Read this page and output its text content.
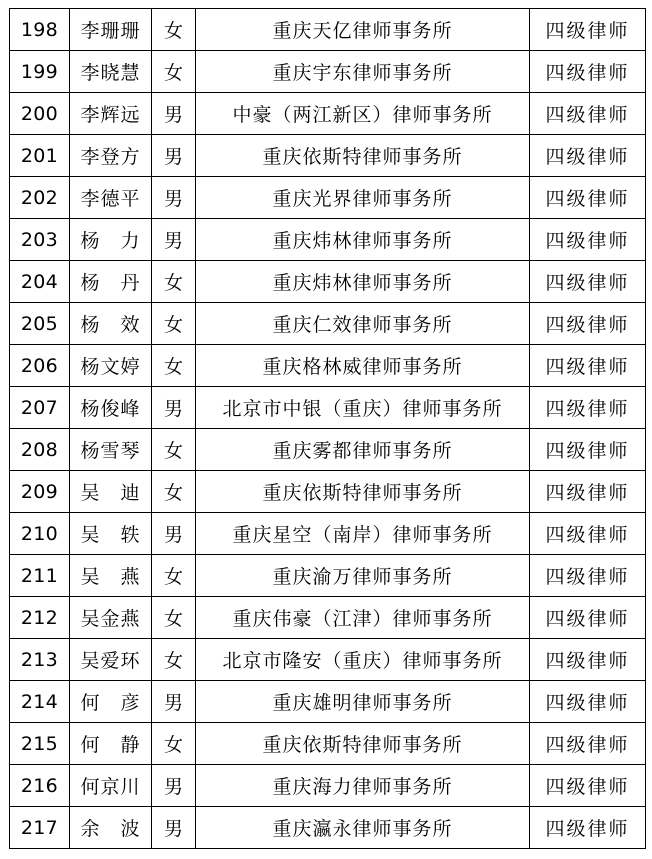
198	李珊珊	女	重庆天亿律师事务所	四级律师
199	李晓慧	女	重庆宇东律师事务所	四级律师
200	李辉远	男	中豪（两江新区）律师事务所	四级律师
201	李登方	男	重庆依斯特律师事务所	四级律师
202	李德平	男	重庆光界律师事务所	四级律师
203	杨　力	男	重庆炜林律师事务所	四级律师
204	杨　丹	女	重庆炜林律师事务所	四级律师
205	杨　效	女	重庆仁效律师事务所	四级律师
206	杨文婷	女	重庆格林威律师事务所	四级律师
207	杨俊峰	男	北京市中银（重庆）律师事务所	四级律师
208	杨雪琴	女	重庆雾都律师事务所	四级律师
209	吴　迪	女	重庆依斯特律师事务所	四级律师
210	吴　轶	男	重庆星空（南岸）律师事务所	四级律师
211	吴　燕	女	重庆渝万律师事务所	四级律师
212	吴金燕	女	重庆伟豪（江津）律师事务所	四级律师
213	吴爱环	女	北京市隆安（重庆）律师事务所	四级律师
214	何　彦	男	重庆雄明律师事务所	四级律师
215	何　静	女	重庆依斯特律师事务所	四级律师
216	何京川	男	重庆海力律师事务所	四级律师
217	余　波	男	重庆瀛永律师事务所	四级律师
